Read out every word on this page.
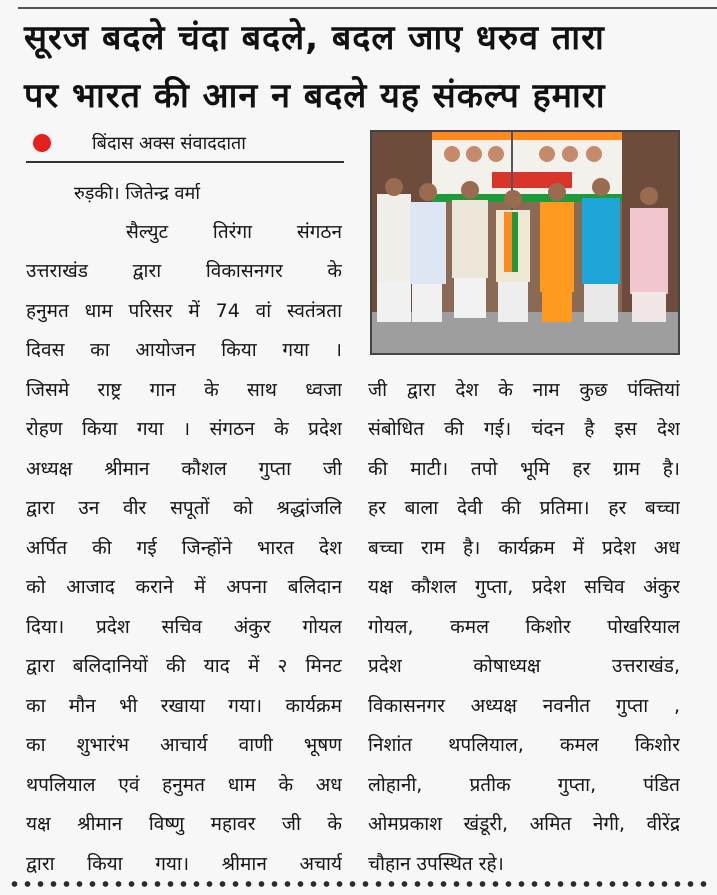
सूरज बदले चंदा बदले, बदल जाए धरुव तारा
पर भारत की आन न बदले यह संकल्प हमारा
बिंदास अक्स संवाददाता
रुड़की। जितेन्द्र वर्मा
सैल्युट तिरंगा संगठन
उत्तराखंड द्वारा विकासनगर के
हनुमत धाम परिसर में 74 वां स्वतंत्रता
दिवस का आयोजन किया गया ।
जिसमे राष्ट्र गान के साथ ध्वजा
रोहण किया गया । संगठन के प्रदेश
अध्यक्ष श्रीमान कौशल गुप्ता जी
द्वारा उन वीर सपूतों को श्रद्धांजलि
अर्पित की गई जिन्होंने भारत देश
को आजाद कराने में अपना बलिदान
दिया। प्रदेश सचिव अंकुर गोयल
द्वारा बलिदानियों की याद में २ मिनट
का मौन भी रखाया गया। कार्यक्रम
का शुभारंभ आचार्य वाणी भूषण
थपलियाल एवं हनुमत धाम के अध
यक्ष श्रीमान विष्णु महावर जी के
द्वारा किया गया। श्रीमान अचार्य
जी द्वारा देश के नाम कुछ पंक्तियां
संबोधित की गई। चंदन है इस देश
की माटी। तपो भूमि हर ग्राम है।
हर बाला देवी की प्रतिमा। हर बच्चा
बच्चा राम है। कार्यक्रम में प्रदेश अध
यक्ष कौशल गुप्ता, प्रदेश सचिव अंकुर
गोयल, कमल किशोर पोखरियाल
प्रदेश कोषाध्यक्ष उत्तराखंड,
विकासनगर अध्यक्ष नवनीत गुप्ता ,
निशांत थपलियाल, कमल किशोर
लोहानी, प्रतीक गुप्ता, पंडित
ओमप्रकाश खंडूरी, अमित नेगी, वीरेंद्र
चौहान उपस्थित रहे।
